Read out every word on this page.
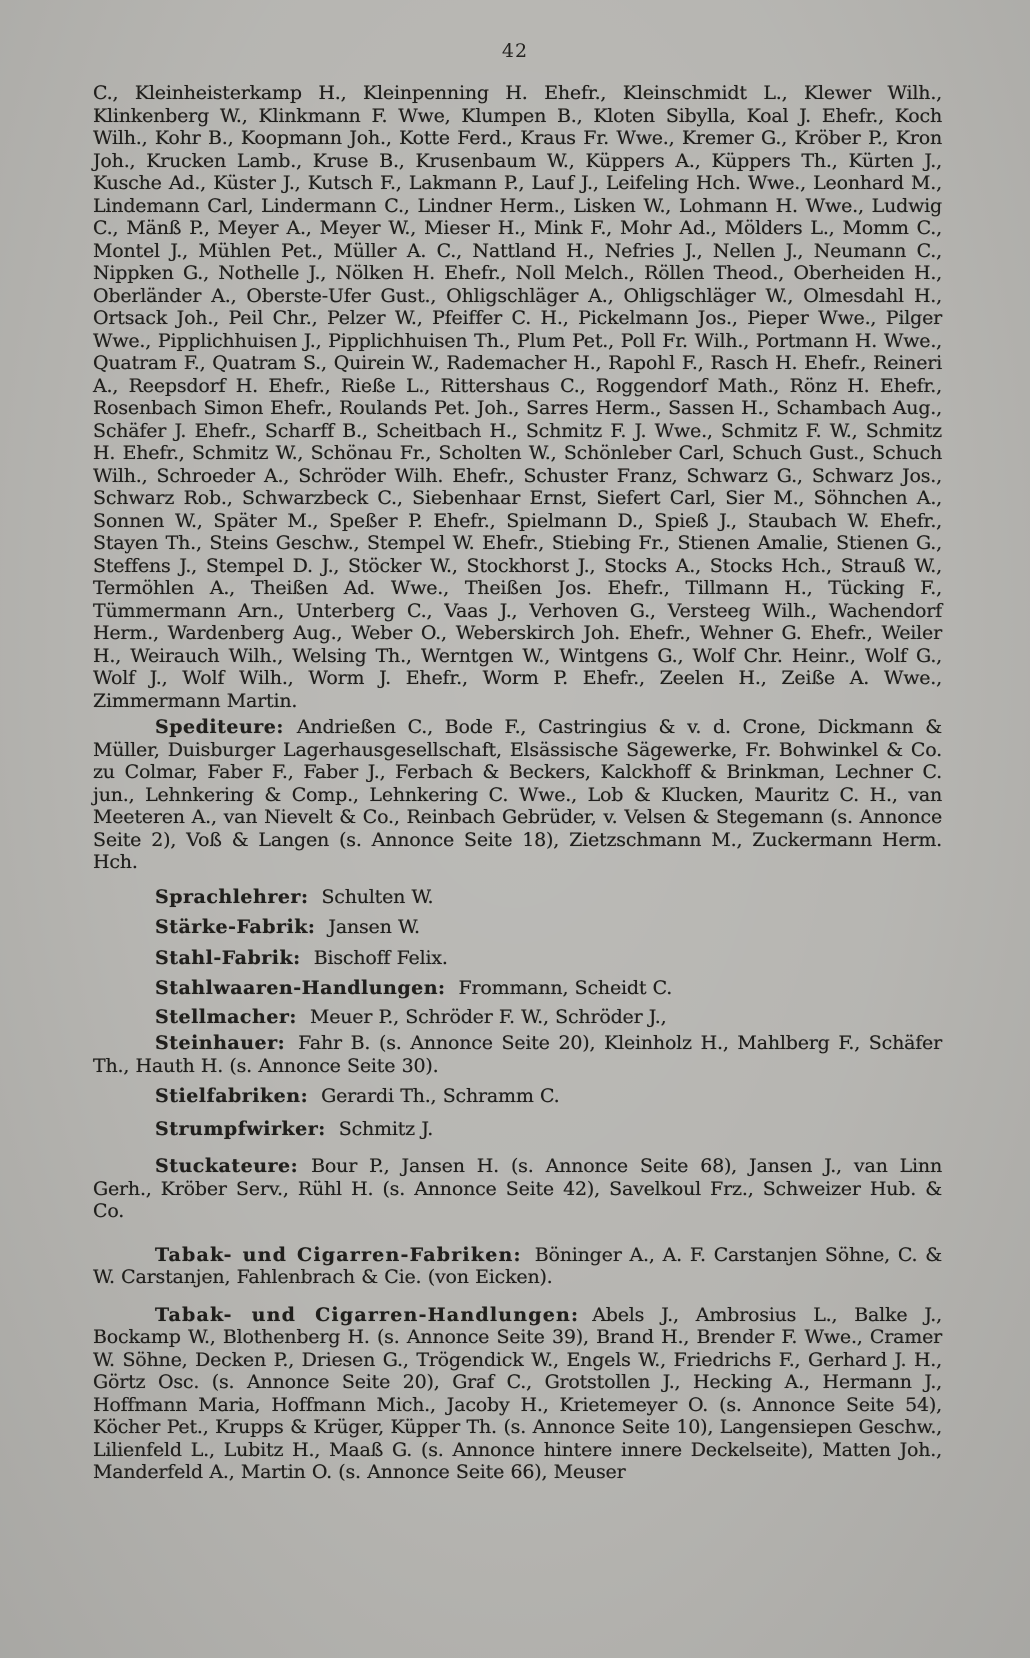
42

C., Kleinheisterkamp H., Kleinpenning H. Ehefr., Kleinschmidt L., Klewer Wilh., Klinkenberg W., Klinkmann F. Wwe, Klumpen B., Kloten Sibylla, Koal J. Ehefr., Koch Wilh., Kohr B., Koopmann Joh., Kotte Ferd., Kraus Fr. Wwe., Kremer G., Kröber P., Kron Joh., Krucken Lamb., Kruse B., Krusenbaum W., Küppers A., Küppers Th., Kürten J., Kusche Ad., Küster J., Kutsch F., Lakmann P., Lauf J., Leifeling Hch. Wwe., Leonhard M., Lindemann Carl, Lindermann C., Lindner Herm., Lisken W., Lohmann H. Wwe., Ludwig C., Mänß P., Meyer A., Meyer W., Mieser H., Mink F., Mohr Ad., Mölders L., Momm C., Montel J., Mühlen Pet., Müller A. C., Nattland H., Nefries J., Nellen J., Neumann C., Nippken G., Nothelle J., Nölken H. Ehefr., Noll Melch., Röllen Theod., Oberheiden H., Oberländer A., Oberste-Ufer Gust., Ohligschläger A., Ohligschläger W., Olmesdahl H., Ortsack Joh., Peil Chr., Pelzer W., Pfeiffer C. H., Pickelmann Jos., Pieper Wwe., Pilger Wwe., Pipplichhuisen J., Pipplichhuisen Th., Plum Pet., Poll Fr. Wilh., Portmann H. Wwe., Quatram F., Quatram S., Quirein W., Rademacher H., Rapohl F., Rasch H. Ehefr., Reineri A., Reepsdorf H. Ehefr., Rieße L., Rittershaus C., Roggendorf Math., Rönz H. Ehefr., Rosenbach Simon Ehefr., Roulands Pet. Joh., Sarres Herm., Sassen H., Schambach Aug., Schäfer J. Ehefr., Scharff B., Scheitbach H., Schmitz F. J. Wwe., Schmitz F. W., Schmitz H. Ehefr., Schmitz W., Schönau Fr., Scholten W., Schönleber Carl, Schuch Gust., Schuch Wilh., Schroeder A., Schröder Wilh. Ehefr., Schuster Franz, Schwarz G., Schwarz Jos., Schwarz Rob., Schwarzbeck C., Siebenhaar Ernst, Siefert Carl, Sier M., Söhnchen A., Sonnen W., Später M., Speßer P. Ehefr., Spielmann D., Spieß J., Staubach W. Ehefr., Stayen Th., Steins Geschw., Stempel W. Ehefr., Stiebing Fr., Stienen Amalie, Stienen G., Steffens J., Stempel D. J., Stöcker W., Stockhorst J., Stocks A., Stocks Hch., Strauß W., Termöhlen A., Theißen Ad. Wwe., Theißen Jos. Ehefr., Tillmann H., Tücking F., Tümmermann Arn., Unterberg C., Vaas J., Verhoven G., Versteeg Wilh., Wachendorf Herm., Wardenberg Aug., Weber O., Weberskirch Joh. Ehefr., Wehner G. Ehefr., Weiler H., Weirauch Wilh., Welsing Th., Werntgen W., Wintgens G., Wolf Chr. Heinr., Wolf G., Wolf J., Wolf Wilh., Worm J. Ehefr., Worm P. Ehefr., Zeelen H., Zeiße A. Wwe., Zimmermann Martin.

Spediteure: Andrießen C., Bode F., Castringius & v. d. Crone, Dickmann & Müller, Duisburger Lagerhausgesellschaft, Elsässische Sägewerke, Fr. Bohwinkel & Co. zu Colmar, Faber F., Faber J., Ferbach & Beckers, Kalckhoff & Brinkman, Lechner C. jun., Lehnkering & Comp., Lehnkering C. Wwe., Lob & Klucken, Mauritz C. H., van Meeteren A., van Nievelt & Co., Reinbach Gebrüder, v. Velsen & Stegemann (s. Annonce Seite 2), Voß & Langen (s. Annonce Seite 18), Zietzschmann M., Zuckermann Herm. Hch.

Sprachlehrer: Schulten W.

Stärke-Fabrik: Jansen W.

Stahl-Fabrik: Bischoff Felix.

Stahlwaaren-Handlungen: Frommann, Scheidt C.

Stellmacher: Meuer P., Schröder F. W., Schröder J.,

Steinhauer: Fahr B. (s. Annonce Seite 20), Kleinholz H., Mahlberg F., Schäfer Th., Hauth H. (s. Annonce Seite 30).

Stielfabriken: Gerardi Th., Schramm C.

Strumpfwirker: Schmitz J.

Stuckateure: Bour P., Jansen H. (s. Annonce Seite 68), Jansen J., van Linn Gerh., Kröber Serv., Rühl H. (s. Annonce Seite 42), Savelkoul Frz., Schweizer Hub. & Co.

Tabak- und Cigarren-Fabriken: Böninger A., A. F. Carstanjen Söhne, C. & W. Carstanjen, Fahlenbrach & Cie. (von Eicken).

Tabak- und Cigarren-Handlungen: Abels J., Ambrosius L., Balke J., Bockamp W., Blothenberg H. (s. Annonce Seite 39), Brand H., Brender F. Wwe., Cramer W. Söhne, Decken P., Driesen G., Trögendick W., Engels W., Friedrichs F., Gerhard J. H., Görtz Osc. (s. Annonce Seite 20), Graf C., Grotstollen J., Hecking A., Hermann J., Hoffmann Maria, Hoffmann Mich., Jacoby H., Krietemeyer O. (s. Annonce Seite 54), Köcher Pet., Krupps & Krüger, Küpper Th. (s. Annonce Seite 10), Langensiepen Geschw., Lilienfeld L., Lubitz H., Maaß G. (s. Annonce hintere innere Deckelseite), Matten Joh., Manderfeld A., Martin O. (s. Annonce Seite 66), Meuser
